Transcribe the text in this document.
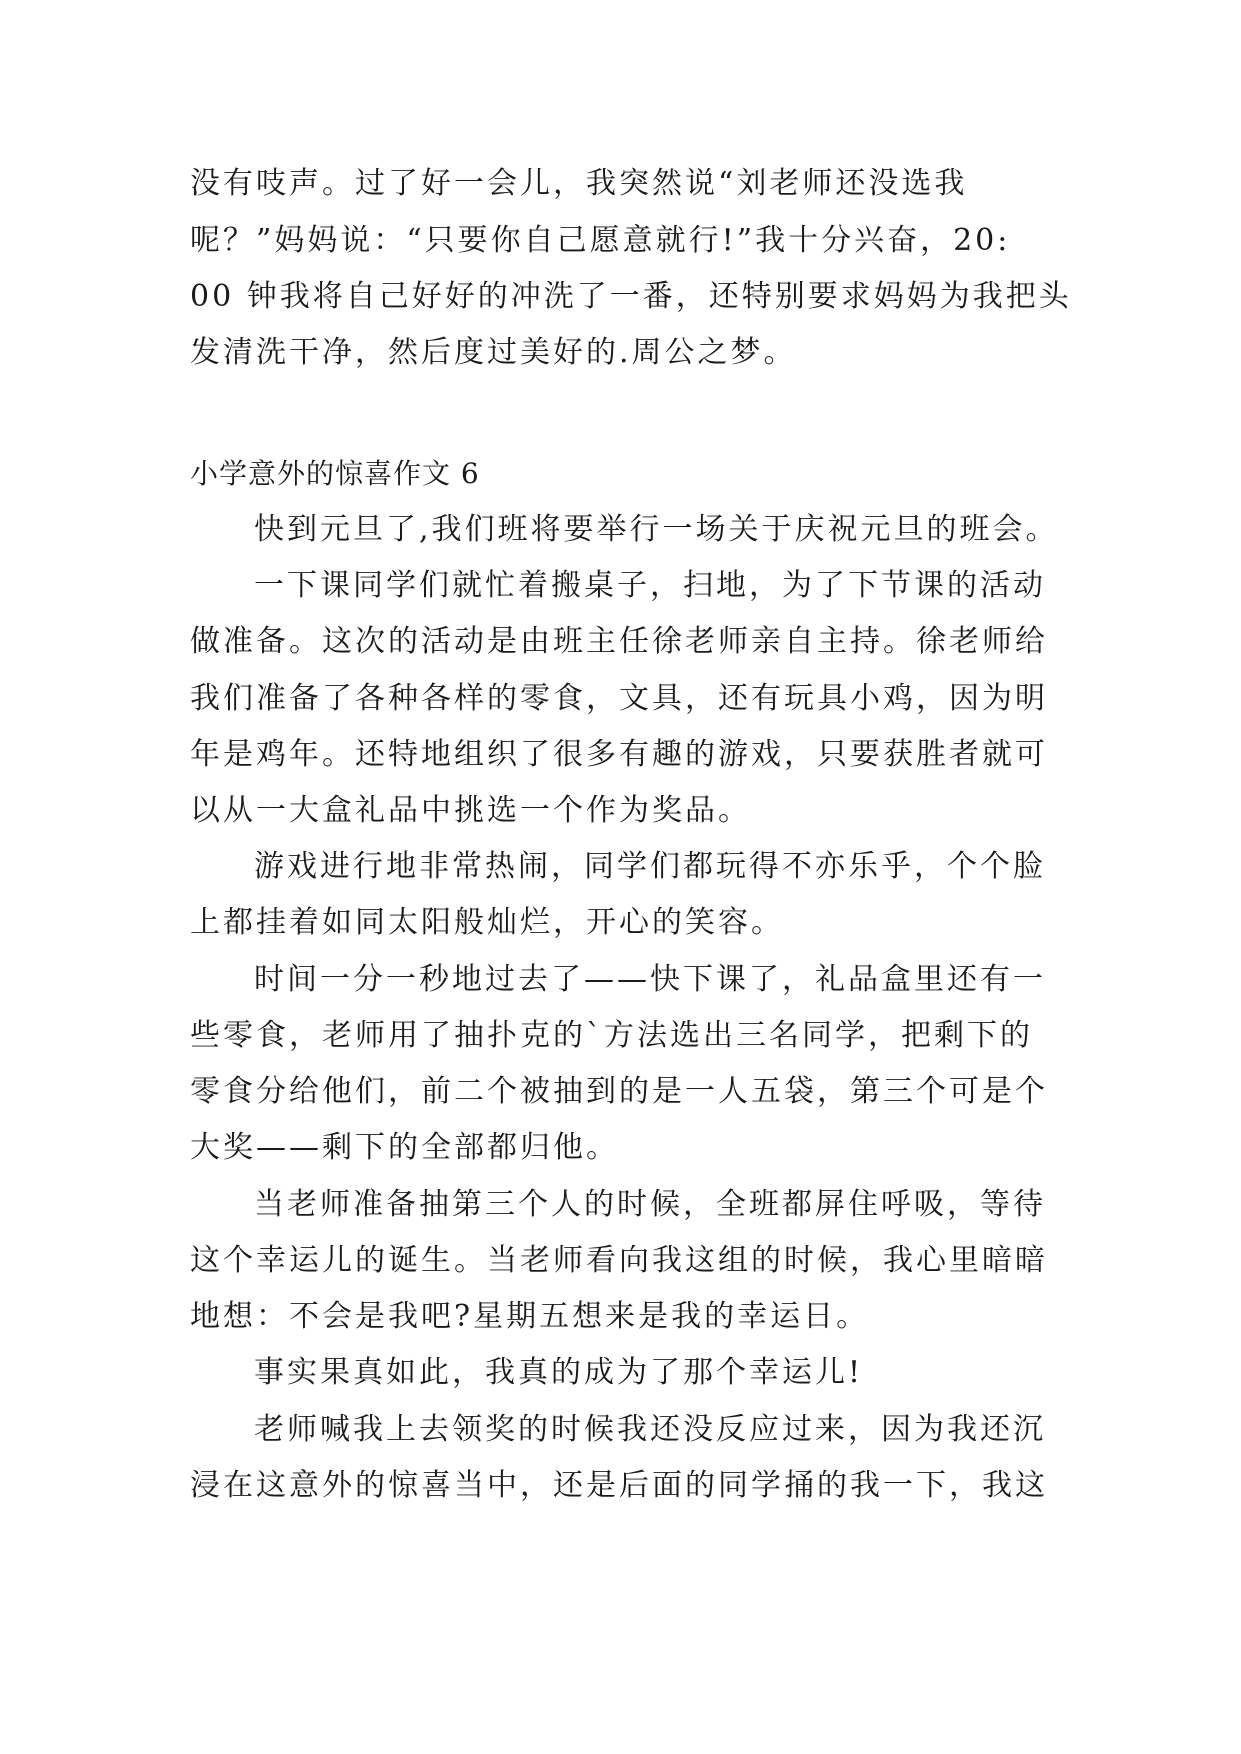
没有吱声。过了好一会儿，我突然说“刘老师还没选我
呢？”妈妈说：“只要你自己愿意就行!”我十分兴奋，20:
00 钟我将自己好好的冲洗了一番，还特别要求妈妈为我把头
发清洗干净，然后度过美好的.周公之梦。
小学意外的惊喜作文 6
快到元旦了,我们班将要举行一场关于庆祝元旦的班会。
一下课同学们就忙着搬桌子，扫地，为了下节课的活动
做准备。这次的活动是由班主任徐老师亲自主持。徐老师给
我们准备了各种各样的零食，文具，还有玩具小鸡，因为明
年是鸡年。还特地组织了很多有趣的游戏，只要获胜者就可
以从一大盒礼品中挑选一个作为奖品。
游戏进行地非常热闹，同学们都玩得不亦乐乎，个个脸
上都挂着如同太阳般灿烂，开心的笑容。
时间一分一秒地过去了——快下课了，礼品盒里还有一
些零食，老师用了抽扑克的`方法选出三名同学，把剩下的
零食分给他们，前二个被抽到的是一人五袋，第三个可是个
大奖——剩下的全部都归他。
当老师准备抽第三个人的时候，全班都屏住呼吸，等待
这个幸运儿的诞生。当老师看向我这组的时候，我心里暗暗
地想：不会是我吧?星期五想来是我的幸运日。
事实果真如此，我真的成为了那个幸运儿!
老师喊我上去领奖的时候我还没反应过来，因为我还沉
浸在这意外的惊喜当中，还是后面的同学捅的我一下，我这
